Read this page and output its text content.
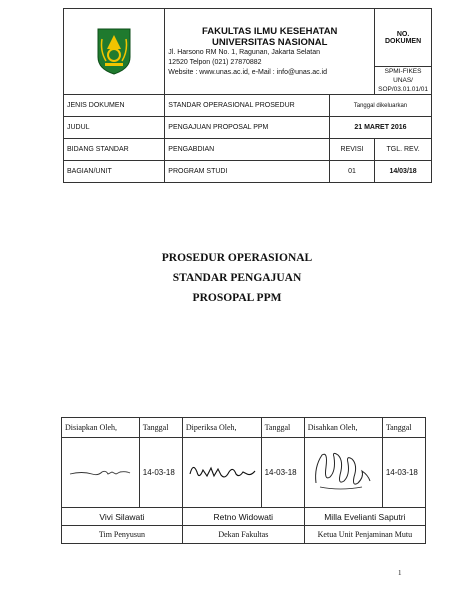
FAKULTAS ILMU KESEHATAN
UNIVERSITAS NASIONAL
Jl. Harsono RM No. 1, Ragunan, Jakarta Selatan
12520 Telpon (021) 27870882
Website : www.unas.ac.id, e-Mail : info@unas.ac.id		NO. DOKUMEN
			SPMI-FIKES UNAS/ SOP/03.01.01/01
JENIS DOKUMEN	STANDAR OPERASIONAL PROSEDUR	Tanggal dikeluarkan	
JUDUL	PENGAJUAN PROPOSAL PPM	21 MARET 2016	
BIDANG STANDAR	PENGABDIAN	REVISI	TGL. REV.
BAGIAN/UNIT	PROGRAM STUDI	01	14/03/18
PROSEDUR OPERASIONAL
STANDAR PENGAJUAN
PROSOPAL PPM
Disiapkan Oleh,	Tanggal	Diperiksa Oleh,	Tanggal	Disahkan Oleh,	Tanggal
	14-03-18		14-03-18		14-03-18
Vivi Silawati		Retno Widowati		Milla Evelianti Saputri	
Tim Penyusun		Dekan Fakultas		Ketua Unit Penjaminan Mutu	
1
